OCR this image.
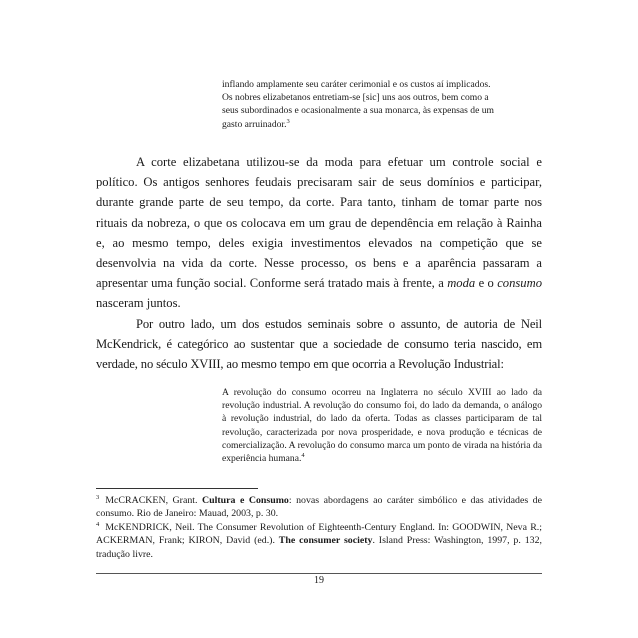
inflando amplamente seu caráter cerimonial e os custos aí implicados.

Os nobres elizabetanos entretiam-se [sic] uns aos outros, bem como a

seus subordinados e ocasionalmente a sua monarca, às expensas de um

gasto arruinador.$^3$

A corte elizabetana utilizou-se da moda para efetuar um controle social e político. Os antigos senhores feudais precisaram sair de seus domínios e participar, durante grande parte de seu tempo, da corte. Para tanto, tinham de tomar parte nos rituais da nobreza, o que os colocava em um grau de dependência em relação à Rainha e, ao mesmo tempo, deles exigia investimentos elevados na competição que se desenvolvia na vida da corte. Nesse processo, os bens e a aparência passaram a apresentar uma função social. Conforme será tratado mais à frente, a moda e o consumo nasceram juntos.

Por outro lado, um dos estudos seminais sobre o assunto, de autoria de Neil McKendrick, é categórico ao sustentar que a sociedade de consumo teria nascido, em verdade, no século XVIII, ao mesmo tempo em que ocorria a Revolução Industrial:

A revolução do consumo ocorreu na Inglaterra no século XVIII ao lado da revolução industrial. A revolução do consumo foi, do lado da demanda, o análogo à revolução industrial, do lado da oferta. Todas as classes participaram de tal revolução, caracterizada por nova prosperidade, e nova produção e técnicas de comercialização. A revolução do consumo marca um ponto de virada na história da experiência humana.$^4$

$^3$ McCRACKEN, Grant. Cultura e Consumo: novas abordagens ao caráter simbólico e das atividades de consumo. Rio de Janeiro: Mauad, 2003, p. 30.

$^4$ McKENDRICK, Neil. The Consumer Revolution of Eighteenth-Century England. In: GOODWIN, Neva R.; ACKERMAN, Frank; KIRON, David (ed.). The consumer society. Island Press: Washington, 1997, p. 132, tradução livre.

19
